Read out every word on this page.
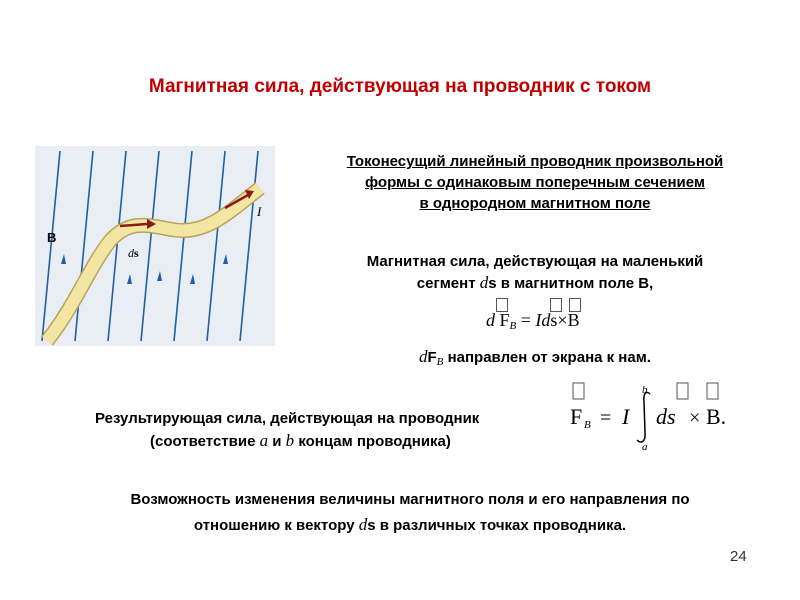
Магнитная сила, действующая на проводник с током
B
ds
I
Токонесущий линейный проводник произвольной
формы с одинаковым поперечным сечением
в однородном магнитном поле
Магнитная сила, действующая на маленький
сегмент ds в магнитном поле B,
d $F_B = Id$
s×
B
$dF_B$ направлен от экрана к нам.
Результирующая сила, действующая на проводник
(соответствие a и b концам проводника)
F B = I
b
a
ds × B.
Возможность изменения величины магнитного поля и его направления по
отношению к вектору ds в различных точках проводника.
24
